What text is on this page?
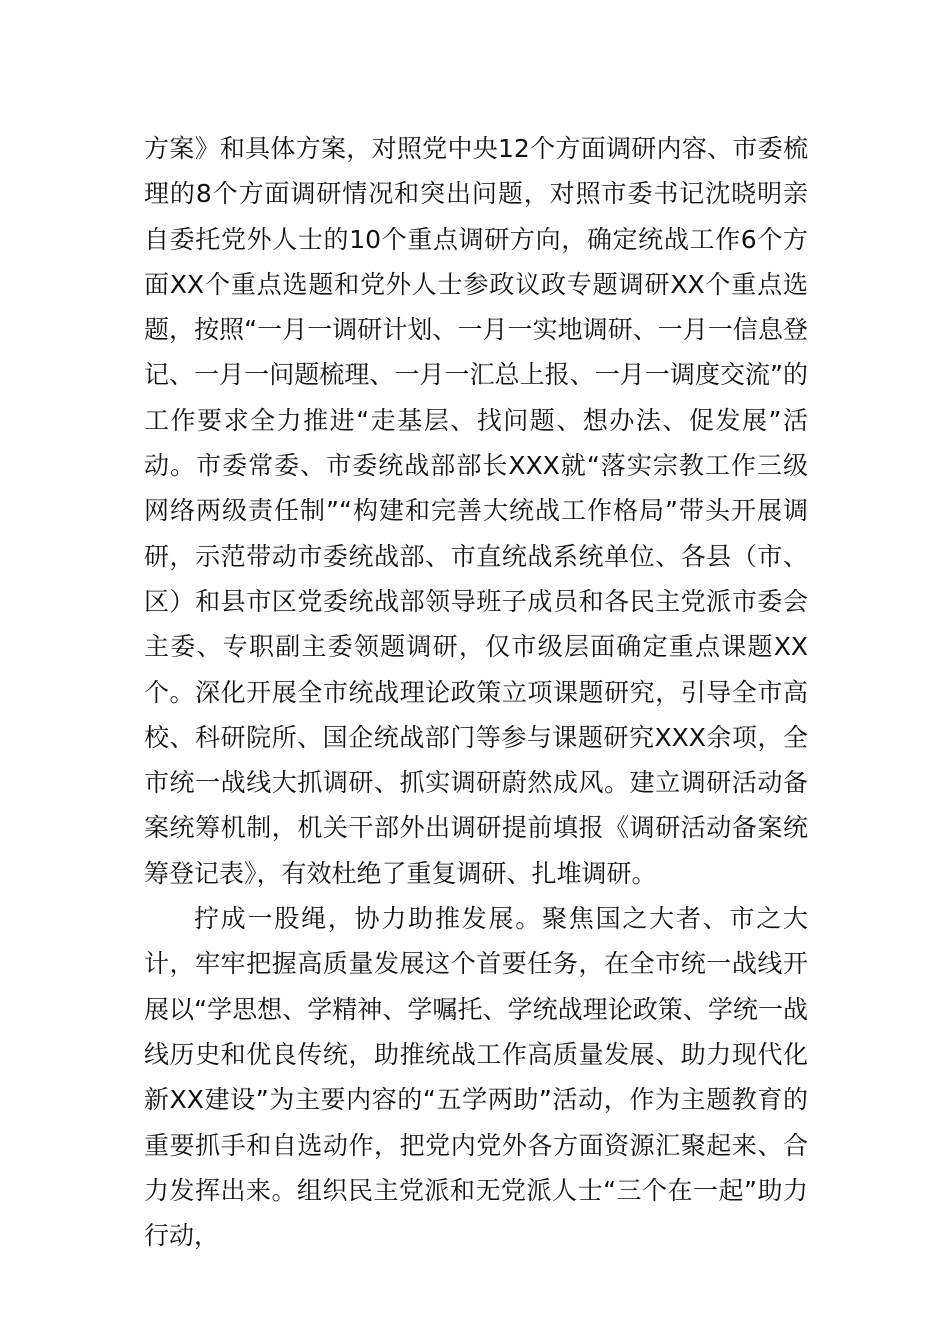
方案》和具体方案，对照党中央12个方面调研内容、市委梳理的8个方面调研情况和突出问题，对照市委书记沈晓明亲自委托党外人士的10个重点调研方向，确定统战工作6个方面XX个重点选题和党外人士参政议政专题调研XX个重点选题，按照“一月一调研计划、一月一实地调研、一月一信息登记、一月一问题梳理、一月一汇总上报、一月一调度交流”的工作要求全力推进“走基层、找问题、想办法、促发展”活动。市委常委、市委统战部部长XXX就“落实宗教工作三级网络两级责任制”“构建和完善大统战工作格局”带头开展调研，示范带动市委统战部、市直统战系统单位、各县（市、区）和县市区党委统战部领导班子成员和各民主党派市委会主委、专职副主委领题调研，仅市级层面确定重点课题XX个。深化开展全市统战理论政策立项课题研究，引导全市高校、科研院所、国企统战部门等参与课题研究XXX余项，全市统一战线大抓调研、抓实调研蔚然成风。建立调研活动备案统筹机制，机关干部外出调研提前填报《调研活动备案统筹登记表》，有效杜绝了重复调研、扎堆调研。

拧成一股绳，协力助推发展。聚焦国之大者、市之大计，牢牢把握高质量发展这个首要任务，在全市统一战线开展以“学思想、学精神、学嘱托、学统战理论政策、学统一战线历史和优良传统，助推统战工作高质量发展、助力现代化新XX建设”为主要内容的“五学两助”活动，作为主题教育的重要抓手和自选动作，把党内党外各方面资源汇聚起来、合力发挥出来。组织民主党派和无党派人士“三个在一起”助力行动，
